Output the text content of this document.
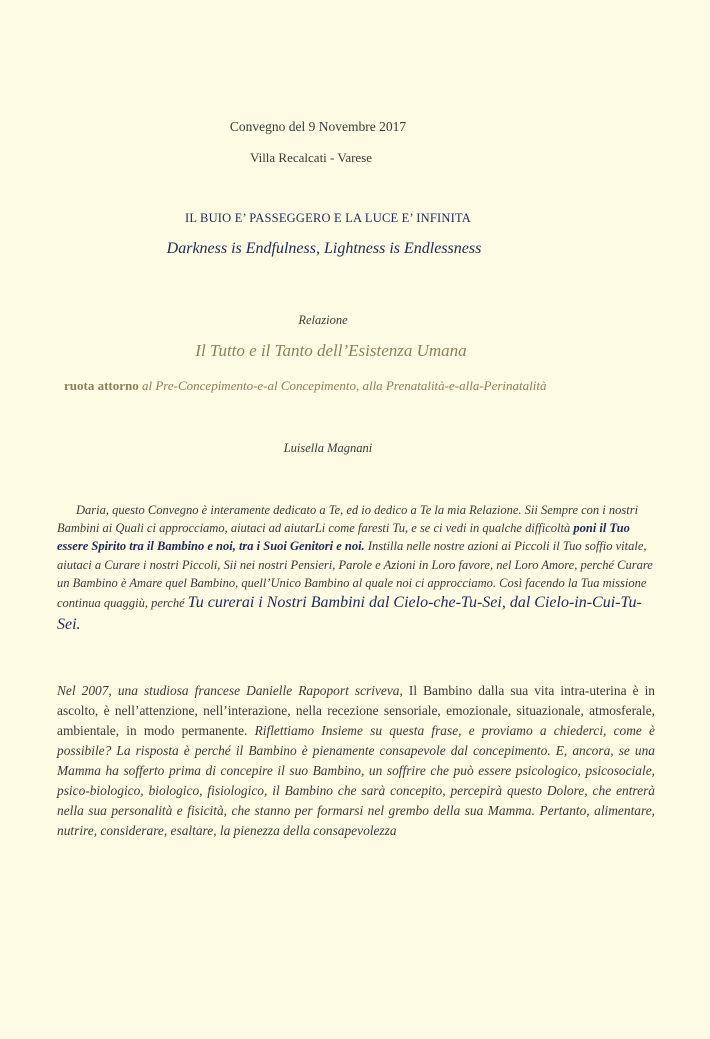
Convegno del 9 Novembre 2017
Villa Recalcati - Varese
IL BUIO E’ PASSEGGERO E LA LUCE E’ INFINITA
Darkness is Endfulness, Lightness is Endlessness
Relazione
Il Tutto e il Tanto dell’Esistenza Umana
ruota attorno al Pre-Concepimento-e-al Concepimento, alla Prenatalità-e-alla-Perinatalità
Luisella Magnani
Daria, questo Convegno è interamente dedicato a Te, ed io dedico a Te la mia Relazione. Sii Sempre con i nostri Bambini ai Quali ci approcciamo, aiutaci ad aiutarLi come faresti Tu, e se ci vedi in qualche difficoltà poni il Tuo essere Spirito tra il Bambino e noi, tra i Suoi Genitori e noi. Instilla nelle nostre azioni ai Piccoli il Tuo soffio vitale, aiutaci a Curare i nostri Piccoli, Sii nei nostri Pensieri, Parole e Azioni in Loro favore, nel Loro Amore, perché Curare un Bambino è Amare quel Bambino, quell’Unico Bambino al quale noi ci approcciamo. Così facendo la Tua missione continua quaggiù, perché Tu curerai i Nostri Bambini dal Cielo-che-Tu-Sei, dal Cielo-in-Cui-Tu-Sei.
Nel 2007, una studiosa francese Danielle Rapoport scriveva, Il Bambino dalla sua vita intra-uterina è in ascolto, è nell’attenzione, nell’interazione, nella recezione sensoriale, emozionale, situazionale, atmosferale, ambientale, in modo permanente. Riflettiamo Insieme su questa frase, e proviamo a chiederci, come è possibile? La risposta è perché il Bambino è pienamente consapevole dal concepimento. E, ancora, se una Mamma ha sofferto prima di concepire il suo Bambino, un soffrire che può essere psicologico, psicosociale, psico-biologico, biologico, fisiologico, il Bambino che sarà concepito, percepirà questo Dolore, che entrerà nella sua personalità e fisicità, che stanno per formarsi nel grembo della sua Mamma. Pertanto, alimentare, nutrire, considerare, esaltare, la pienezza della consapevolezza
